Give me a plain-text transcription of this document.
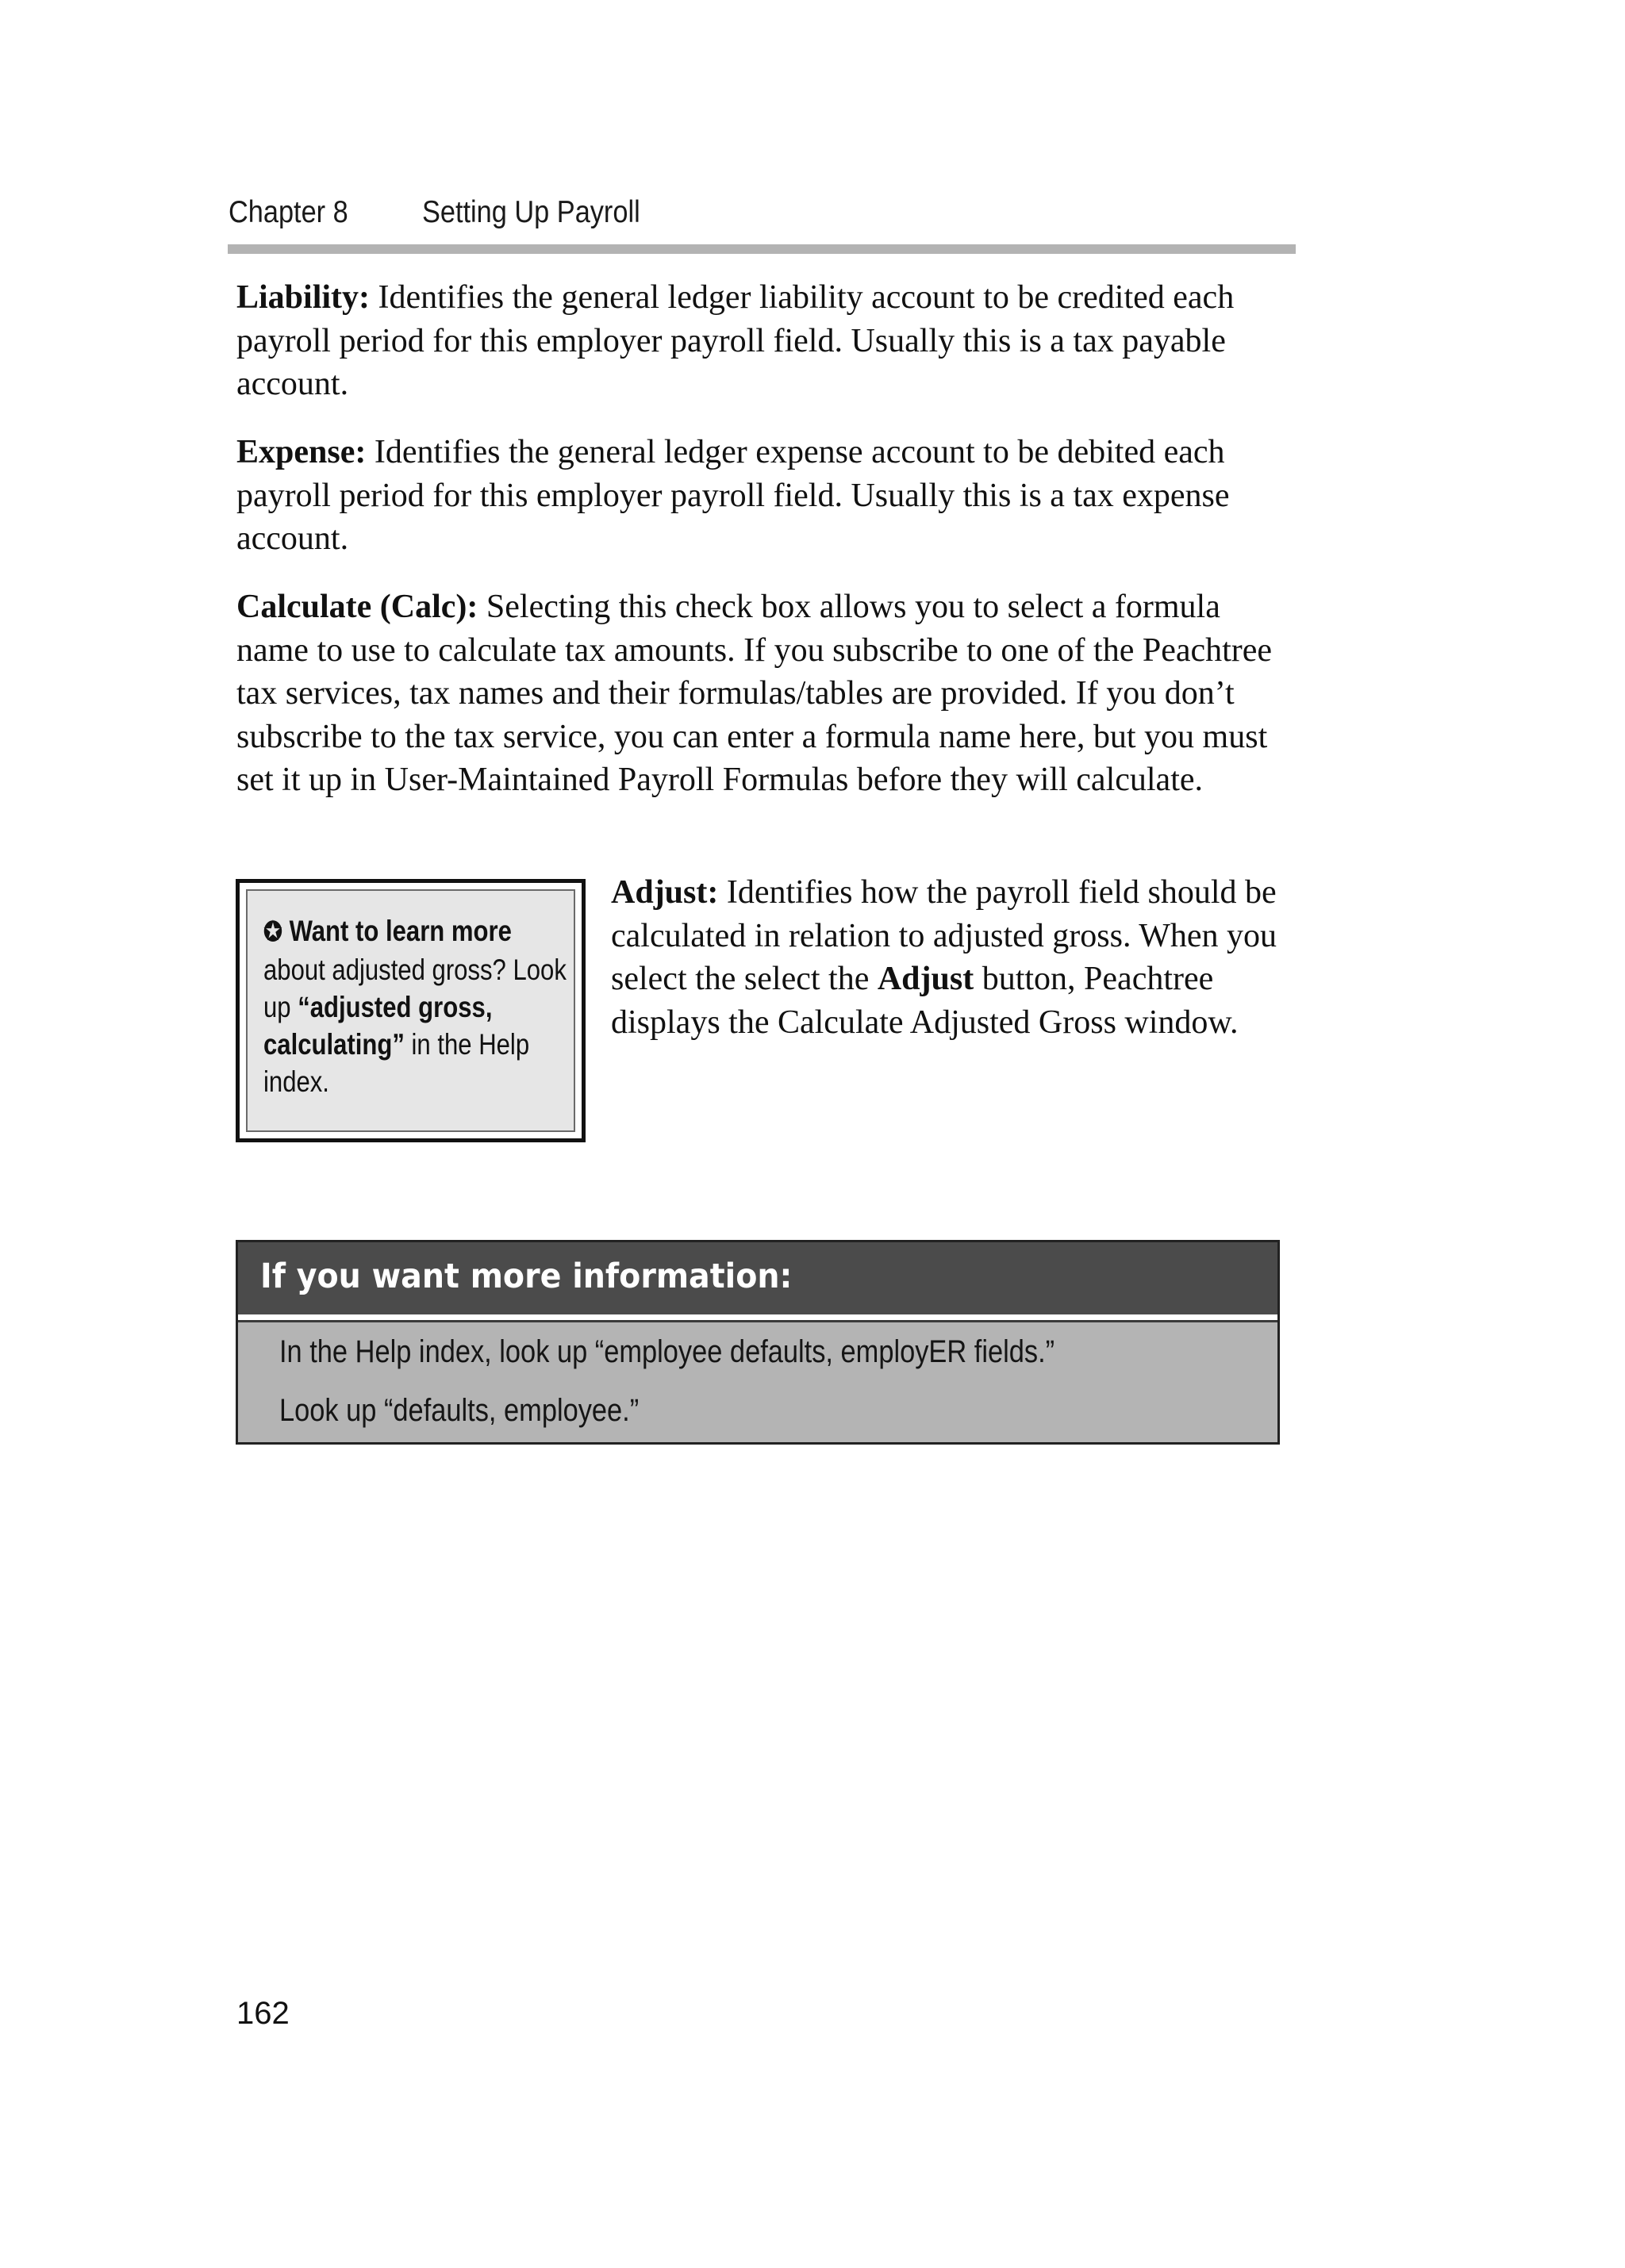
Chapter 8 Setting Up Payroll

Liability: Identifies the general ledger liability account to be credited each payroll period for this employer payroll field. Usually this is a tax payable account.

Expense: Identifies the general ledger expense account to be debited each payroll period for this employer payroll field. Usually this is a tax expense account.

Calculate (Calc): Selecting this check box allows you to select a formula name to use to calculate tax amounts. If you subscribe to one of the Peachtree tax services, tax names and their formulas/tables are provided. If you don’t subscribe to the tax service, you can enter a formula name here, but you must set it up in User-Maintained Payroll Formulas before they will calculate.

✪ Want to learn more about adjusted gross? Look up “adjusted gross, calculating” in the Help index.

Adjust: Identifies how the payroll field should be calculated in relation to adjusted gross. When you select the select the Adjust button, Peachtree displays the Calculate Adjusted Gross window.

If you want more information:
In the Help index, look up “employee defaults, employER fields.”
Look up “defaults, employee.”
162
